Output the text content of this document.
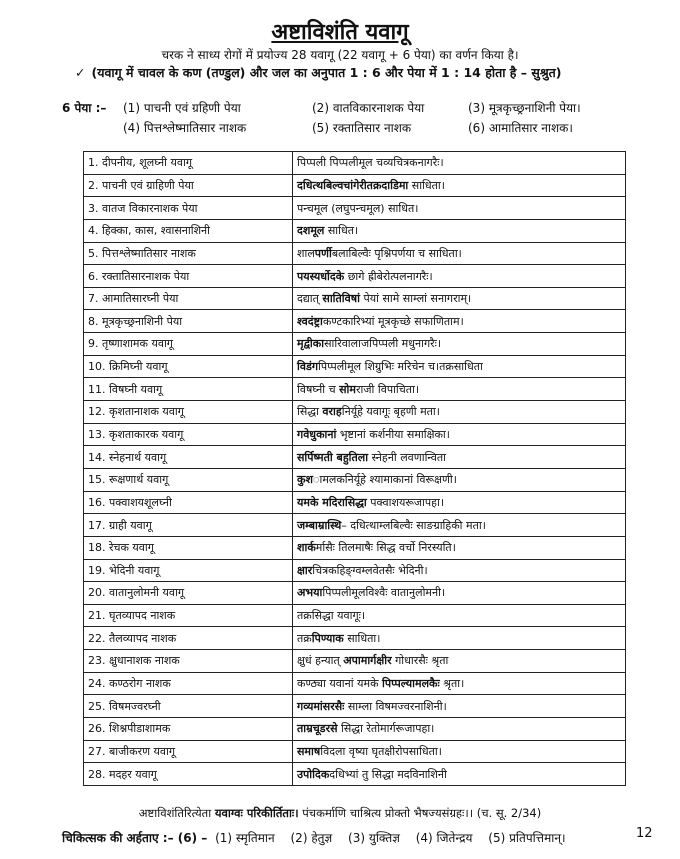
अष्टाविशंति यवागू
चरक ने साध्य रोगों में प्रयोज्य 28 यवागू (22 यवागू + 6 पेया) का वर्णन किया है।
✓ (यवागू में चावल के कण (तण्डुल) और जल का अनुपात 1 : 6 और पेया में 1 : 14 होता है – सुश्रुत)
6 पेया :– (1) पाचनी एवं ग्रहिणी पेया	(2) वातविकारनाशक पेया	(3) मूत्रकृच्छ्रनाशिनी पेया।
(4) पित्तश्लेष्मातिसार नाशक	(5) रक्तातिसार नाशक	(6) आमातिसार नाशक।
1. दीपनीय, शूलघ्नी यवागू	पिप्पली पिप्पलीमूल चव्यचित्रकनागरैः।
2. पाचनी एवं ग्राहिणी पेया	दधित्थबिल्वचांगेरीतक्रदाडिमा साधिता।
3. वातज विकारनाशक पेया	पन्चमूल (लघुपन्चमूल) साधित।
4. हिक्का, कास, श्वासनाशिनी	दशमूल साधित।
5. पित्तश्लेष्मातिसार नाशक	शालपर्णीबलाबिल्वैः पृश्निपर्णया च साधिता।
6. रक्तातिसारनाशक पेया	पयस्यर्धोदके छागे ह्रीबेरोत्पलनागरैः।
7. आमातिसारघ्नी पेया	दद्यात् सातिविषां पेयां सामे साम्लां सनागराम्।
8. मूत्रकृच्छ्रनाशिनी पेया	श्वदंष्ट्राकण्टकारिभ्यां मूत्रकृच्छे सफाणिताम।
9. तृष्णाशामक यवागू	मृद्वीकासारिवालाजपिप्पली मधुनागरैः।
10. क्रिमिघ्नी यवागू	विडंगपिप्पलीमूल शिग्रुभिः मरिचेन च।तक्रसाधिता
11. विषघ्नी यवागू	विषघ्नी च सोमराजी विपाचिता।
12. कृशतानाशक यवागू	सिद्धा वराहनिर्यूहे यवागूः बृहणी मता।
13. कृशताकारक यवागू	गवेधुकानां भृष्टानां कर्शनीया समाक्षिका।
14. स्नेहनार्थ यवागू	सर्पिष्मती बहुतिला स्नेहनी लवणान्विता
15. रूक्षणार्थ यवागू	कुशामलकनिर्यूहे श्यामाकानां विरूक्षणी।
16. पक्वाशयशूलघ्नी	यमके मदिरासिद्धा पक्वाशयरूजापहा।
17. ग्राही यवागू	जम्बाम्रास्थि– दधित्थाम्लबिल्वैः साङग्राहिकी मता।
18. रेचक यवागू	शार्कर्मासैः तिलमाषैः सिद्ध वर्चो निरस्यति।
19. भेदिनी यवागू	क्षारचित्रकहिङ्ग्वम्लवेतसैः भेदिनी।
20. वातानुलोमनी यवागू	अभयापिप्पलीमूलविश्वैः वातानुलोमनी।
21. घृतव्यापद नाशक	तक्रसिद्धा यवागूः।
22. तैलव्यापद नाशक	तक्रपिण्याक साधिता।
23. क्षुधानाशक नाशक	क्षुधं हन्यात् अपामार्गक्षीर गोधारसैः श्रृता
24. कण्ठरोग नाशक	कण्ठ्या यवानां यमके पिप्पल्यामलकैः श्रृता।
25. विषमज्वरघ्नी	गव्यमांसरसैः साम्ला विषमज्वरनाशिनी।
26. शिश्नपीडाशामक	ताम्रचूडरसे सिद्धा रेतोमार्गरूजापहा।
27. बाजीकरण यवागू	समाषविदला वृष्या घृतक्षीरोपसाधिता।
28. मदहर यवागू	उपोदिकदधिभ्यां तु सिद्धा मदविनाशिनी
अष्टाविशंतिरित्येता यवाग्वः परिकीर्तिताः। पंचकर्माणि चाश्रित्य प्रोक्तो भैषज्यसंग्रहः।। (च. सू. 2/34)
चिकित्सक की अर्हताए :– (6) – (1) स्मृतिमान (2) हेतुज्ञ (3) युक्तिज्ञ (4) जितेन्द्रय (5) प्रतिपत्तिमान्।	12
